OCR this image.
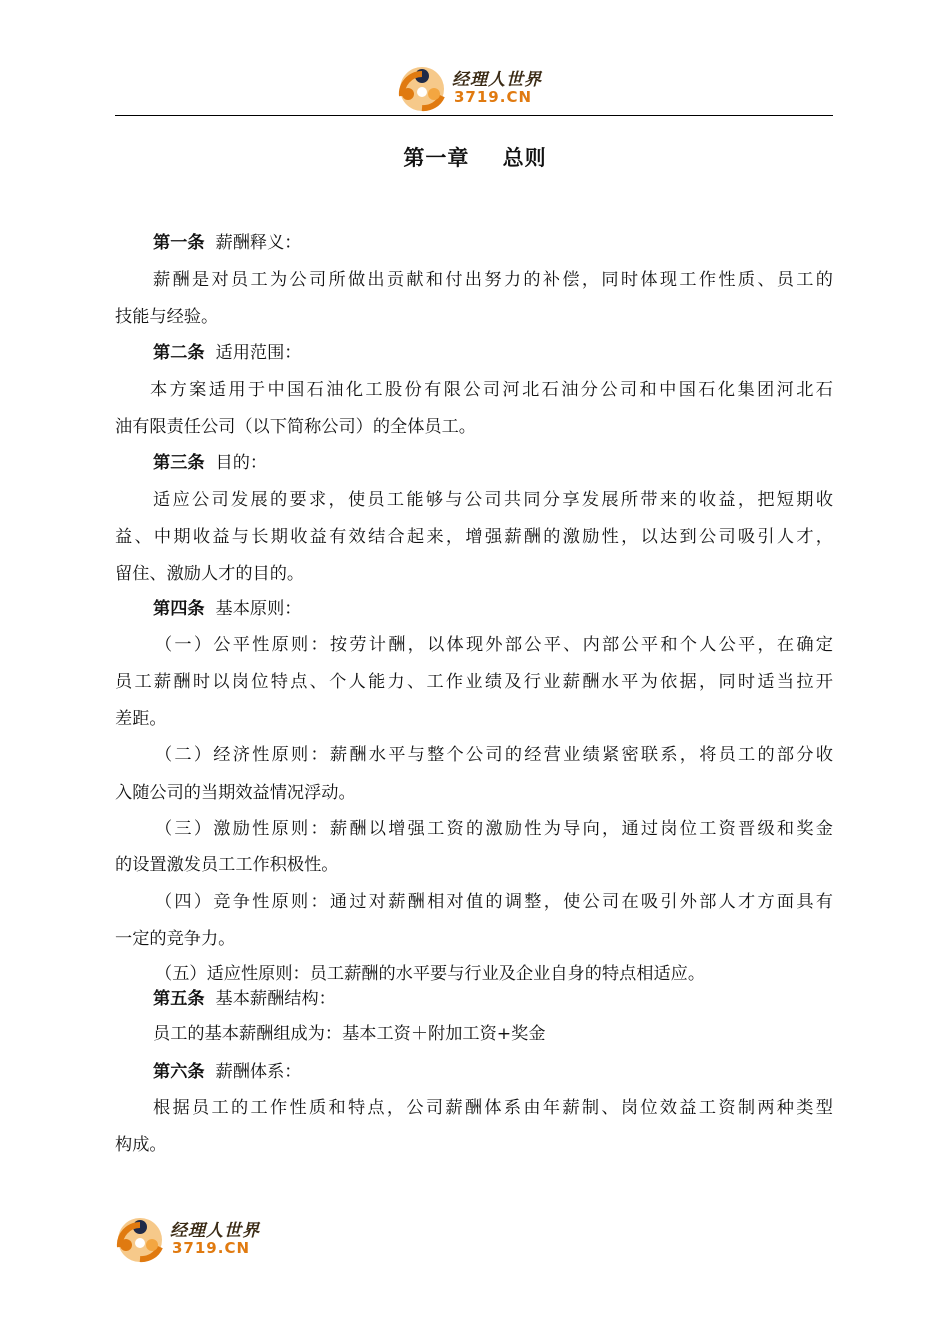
经理人世界
3719.CN
第一章    总则
第一条 薪酬释义：
薪酬是对员工为公司所做出贡献和付出努力的补偿，同时体现工作性质、员工的
技能与经验。
第二条 适用范围：
本方案适用于中国石油化工股份有限公司河北石油分公司和中国石化集团河北石
油有限责任公司（以下简称公司）的全体员工。
第三条 目的：
适应公司发展的要求，使员工能够与公司共同分享发展所带来的收益，把短期收
益、中期收益与长期收益有效结合起来，增强薪酬的激励性，以达到公司吸引人才，
留住、激励人才的目的。
第四条 基本原则：
（一）公平性原则：按劳计酬，以体现外部公平、内部公平和个人公平，在确定
员工薪酬时以岗位特点、个人能力、工作业绩及行业薪酬水平为依据，同时适当拉开
差距。
（二）经济性原则：薪酬水平与整个公司的经营业绩紧密联系，将员工的部分收
入随公司的当期效益情况浮动。
（三）激励性原则：薪酬以增强工资的激励性为导向，通过岗位工资晋级和奖金
的设置激发员工工作积极性。
（四）竞争性原则：通过对薪酬相对值的调整，使公司在吸引外部人才方面具有
一定的竞争力。
（五）适应性原则：员工薪酬的水平要与行业及企业自身的特点相适应。
第五条 基本薪酬结构：
员工的基本薪酬组成为：基本工资＋附加工资+奖金
第六条 薪酬体系：
根据员工的工作性质和特点，公司薪酬体系由年薪制、岗位效益工资制两种类型
构成。
经理人世界
3719.CN
